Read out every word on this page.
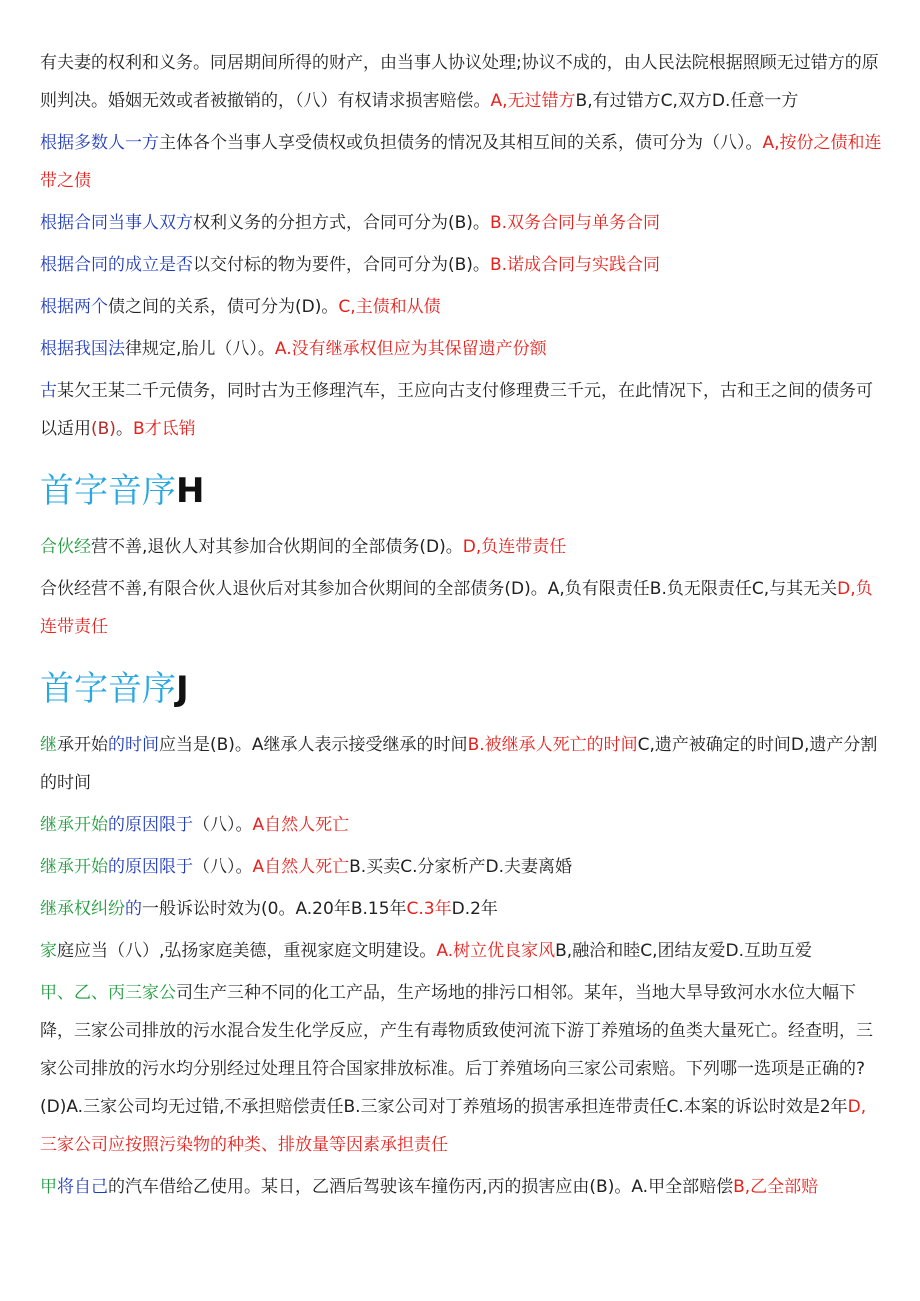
有夫妻的权利和义务。同居期间所得的财产，由当事人协议处理;协议不成的，由人民法院根据照顾无过错方的原则判决。婚姻无效或者被撤销的，（八）有权请求损害赔偿。A,无过错方B,有过错方C,双方D.任意一方

根据多数人一方主体各个当事人享受债权或负担债务的情况及其相互间的关系，债可分为（八）。A,按份之债和连带之债

根据合同当事人双方权利义务的分担方式，合同可分为(B)。B.双务合同与单务合同

根据合同的成立是否以交付标的物为要件，合同可分为(B)。B.诺成合同与实践合同

根据两个债之间的关系，债可分为(D)。C,主债和从债

根据我国法律规定,胎儿（八）。A.没有继承权但应为其保留遗产份额

古某欠王某二千元债务，同时古为王修理汽车，王应向古支付修理费三千元，在此情况下，古和王之间的债务可以适用(B)。B才氐销

首字音序H

合伙经营不善,退伙人对其参加合伙期间的全部债务(D)。D,负连带责任

合伙经营不善,有限合伙人退伙后对其参加合伙期间的全部债务(D)。A,负有限责任B.负无限责任C,与其无关D,负连带责任

首字音序J

继承开始的时间应当是(B)。A继承人表示接受继承的时间B.被继承人死亡的时间C,遗产被确定的时间D,遗产分割的时间

继承开始的原因限于（八）。A自然人死亡

继承开始的原因限于（八）。A自然人死亡B.买卖C.分家析产D.夫妻离婚

继承权纠纷的一般诉讼时效为(0。A.20年B.15年C.3年D.2年

家庭应当（八）,弘扬家庭美德，重视家庭文明建设。A.树立优良家风B,融洽和睦C,团结友爱D.互助互爱

甲、乙、丙三家公司生产三种不同的化工产品，生产场地的排污口相邻。某年，当地大旱导致河水水位大幅下降，三家公司排放的污水混合发生化学反应，产生有毒物质致使河流下游丁养殖场的鱼类大量死亡。经查明，三家公司排放的污水均分别经过处理且符合国家排放标准。后丁养殖场向三家公司索赔。下列哪一选项是正确的?(D)A.三家公司均无过错,不承担赔偿责任B.三家公司对丁养殖场的损害承担连带责任C.本案的诉讼时效是2年D,三家公司应按照污染物的种类、排放量等因素承担责任

甲将自己的汽车借给乙使用。某日，乙酒后驾驶该车撞伤丙,丙的损害应由(B)。A.甲全部赔偿B,乙全部赔
